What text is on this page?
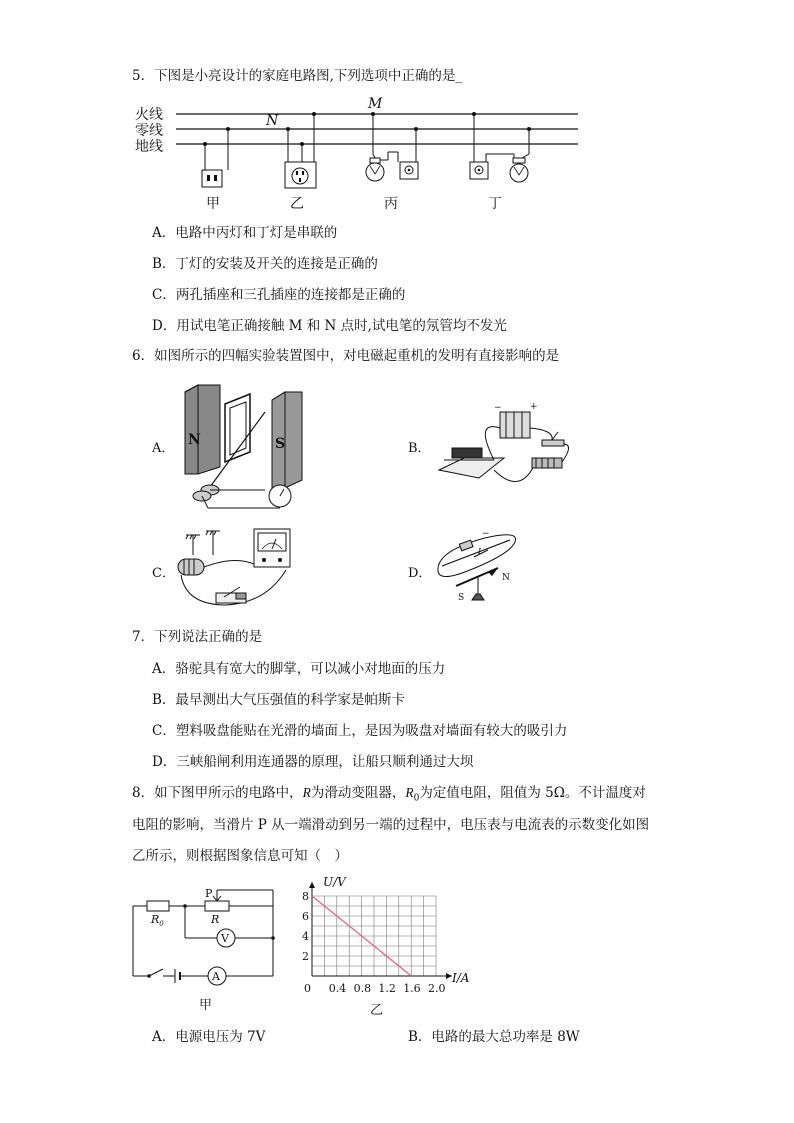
5．下图是小亮设计的家庭电路图,下列选项中正确的是_
火线
零线
地线
M
N
甲	乙	丙	丁
A．电路中丙灯和丁灯是串联的
B．丁灯的安装及开关的连接是正确的
C．两孔插座和三孔插座的连接都是正确的
D．用试电笔正确接触 M 和 N 点时,试电笔的氖管均不发光
6．如图所示的四幅实验装置图中，对电磁起重机的发明有直接影响的是
A．
N	S	B．
−	+
C．	D．
−
I
S
N
7．下列说法正确的是
A．骆驼具有宽大的脚掌，可以减小对地面的压力
B．最早测出大气压强值的科学家是帕斯卡
C．塑料吸盘能贴在光滑的墙面上，是因为吸盘对墙面有较大的吸引力
D．三峡船闸利用连通器的原理，让船只顺利通过大坝
8．如下图甲所示的电路中，R为滑动变阻器，$R_0$为定值电阻，阻值为 5Ω。不计温度对
电阻的影响，当滑片 P 从一端滑动到另一端的过程中，电压表与电流表的示数变化如图
乙所示，则根据图象信息可知（　）
P
R
$R_0$
V
A
甲
0 0.4 0.8 1.2 1.6 2.0
2
4
6
8
U/V
I/A
乙
A．电源电压为 7V	B．电路的最大总功率是 8W
